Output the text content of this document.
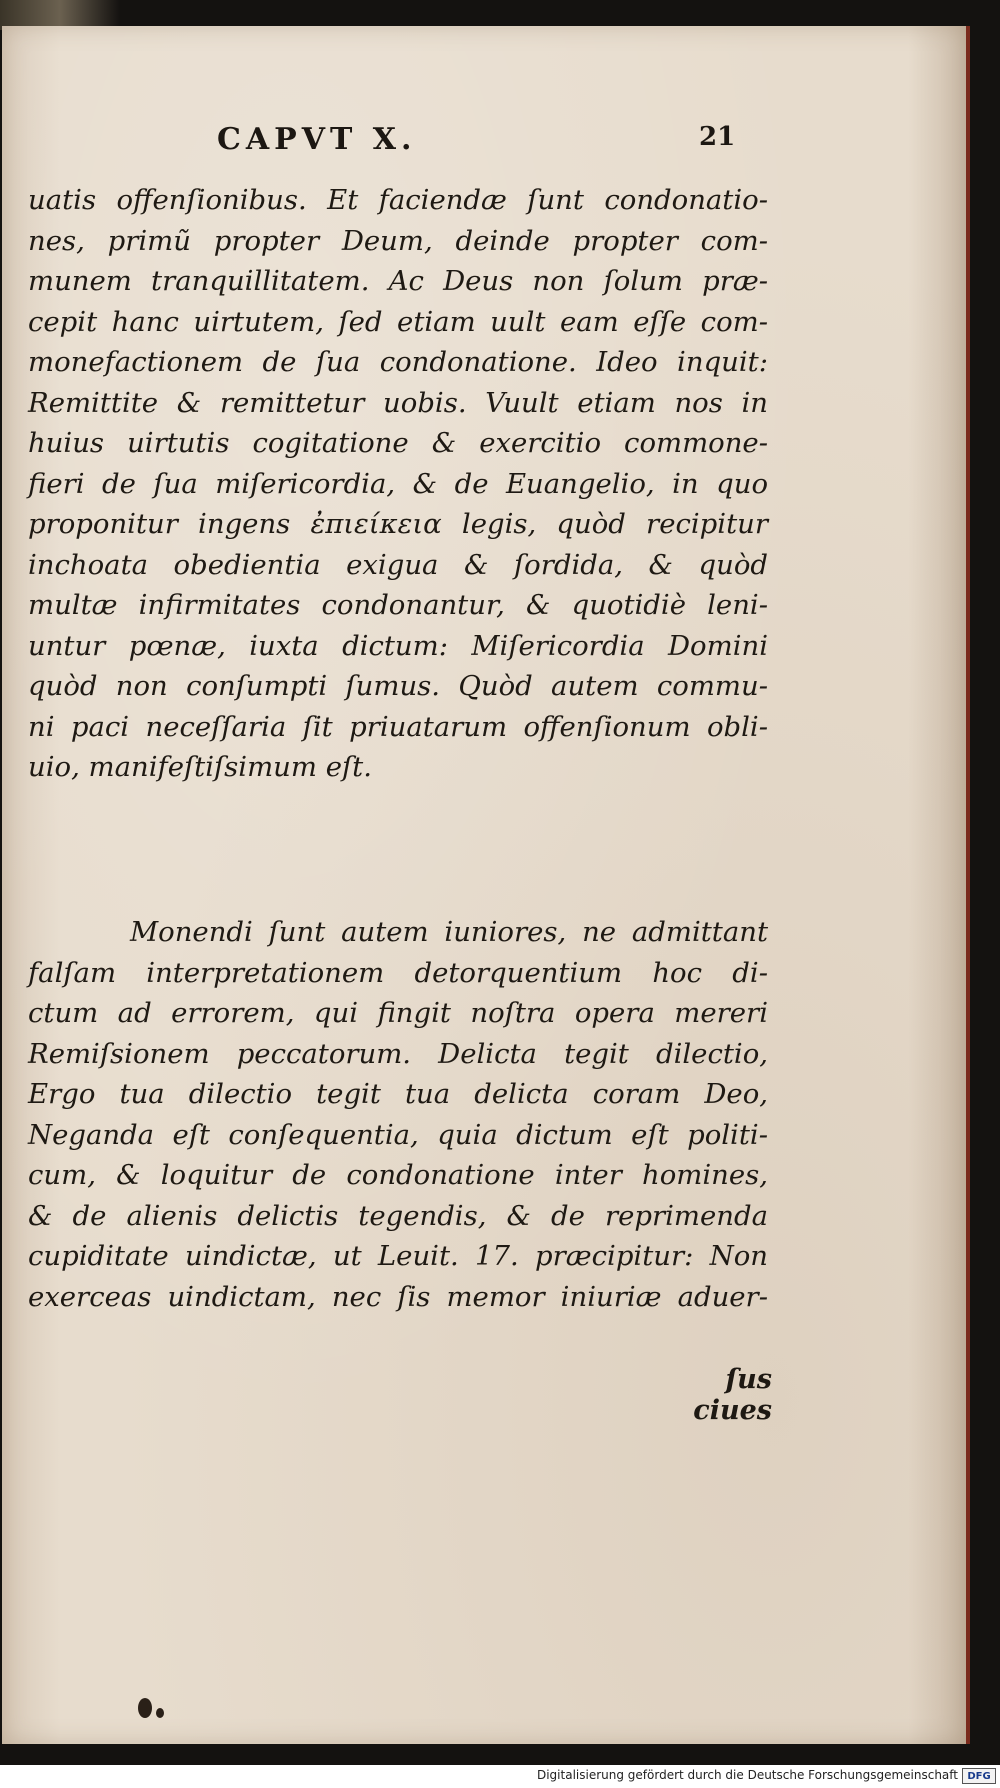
CAPVT X.	21
uatis offenſionibus. Et faciendæ ſunt condonatio-
nes, primũ propter Deum, deinde propter com-
munem tranquillitatem. Ac Deus non ſolum præ-
cepit hanc uirtutem, ſed etiam uult eam eſſe com-
monefactionem de ſua condonatione. Ideo inquit:
Remittite & remittetur uobis. Vuult etiam nos in
huius uirtutis cogitatione & exercitio commone-
fieri de ſua miſericordia, & de Euangelio, in quo
proponitur ingens ἐπιείκεια legis, quòd recipitur
inchoata obedientia exigua & ſordida, & quòd
multæ infirmitates condonantur, & quotidiè leni-
untur pœnæ, iuxta dictum: Miſericordia Domini
quòd non conſumpti ſumus. Quòd autem commu-
ni paci neceſſaria ſit priuatarum offenſionum obli-
uio, manifeſtiſsimum eſt.
Monendi ſunt autem iuniores, ne admittant
falſam interpretationem detorquentium hoc di-
ctum ad errorem, qui fingit noſtra opera mereri
Remiſsionem peccatorum. Delicta tegit dilectio,
Ergo tua dilectio tegit tua delicta coram Deo,
Neganda eſt conſequentia, quia dictum eſt politi-
cum, & loquitur de condonatione inter homines,
& de alienis delictis tegendis, & de reprimenda
cupiditate uindictæ, ut Leuit. 17. præcipitur: Non
exerceas uindictam, nec ſis memor iniuriæ aduer-
ſus ciues
Digitalisierung gefördert durch die Deutsche Forschungsgemeinschaft DFG
